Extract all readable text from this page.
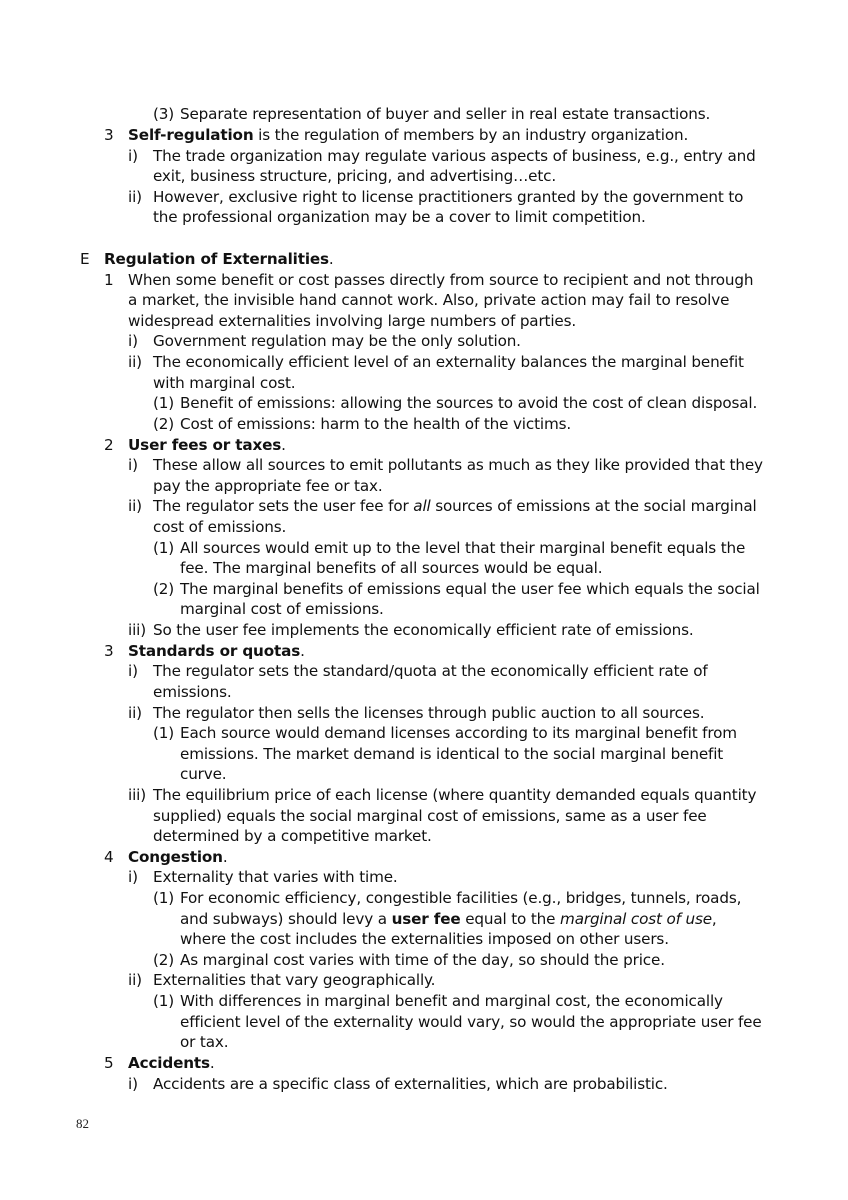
(3) Separate representation of buyer and seller in real estate transactions.
3 Self-regulation is the regulation of members by an industry organization.
i) The trade organization may regulate various aspects of business, e.g., entry and
exit, business structure, pricing, and advertising…etc.
ii) However, exclusive right to license practitioners granted by the government to
the professional organization may be a cover to limit competition.
E Regulation of Externalities.
1 When some benefit or cost passes directly from source to recipient and not through
a market, the invisible hand cannot work. Also, private action may fail to resolve
widespread externalities involving large numbers of parties.
i) Government regulation may be the only solution.
ii) The economically efficient level of an externality balances the marginal benefit
with marginal cost.
(1) Benefit of emissions: allowing the sources to avoid the cost of clean disposal.
(2) Cost of emissions: harm to the health of the victims.
2 User fees or taxes.
i) These allow all sources to emit pollutants as much as they like provided that they
pay the appropriate fee or tax.
ii) The regulator sets the user fee for all sources of emissions at the social marginal
cost of emissions.
(1) All sources would emit up to the level that their marginal benefit equals the
fee. The marginal benefits of all sources would be equal.
(2) The marginal benefits of emissions equal the user fee which equals the social
marginal cost of emissions.
iii) So the user fee implements the economically efficient rate of emissions.
3 Standards or quotas.
i) The regulator sets the standard/quota at the economically efficient rate of
emissions.
ii) The regulator then sells the licenses through public auction to all sources.
(1) Each source would demand licenses according to its marginal benefit from
emissions. The market demand is identical to the social marginal benefit
curve.
iii) The equilibrium price of each license (where quantity demanded equals quantity
supplied) equals the social marginal cost of emissions, same as a user fee
determined by a competitive market.
4 Congestion.
i) Externality that varies with time.
(1) For economic efficiency, congestible facilities (e.g., bridges, tunnels, roads,
and subways) should levy a user fee equal to the marginal cost of use,
where the cost includes the externalities imposed on other users.
(2) As marginal cost varies with time of the day, so should the price.
ii) Externalities that vary geographically.
(1) With differences in marginal benefit and marginal cost, the economically
efficient level of the externality would vary, so would the appropriate user fee
or tax.
5 Accidents.
i) Accidents are a specific class of externalities, which are probabilistic.
82
